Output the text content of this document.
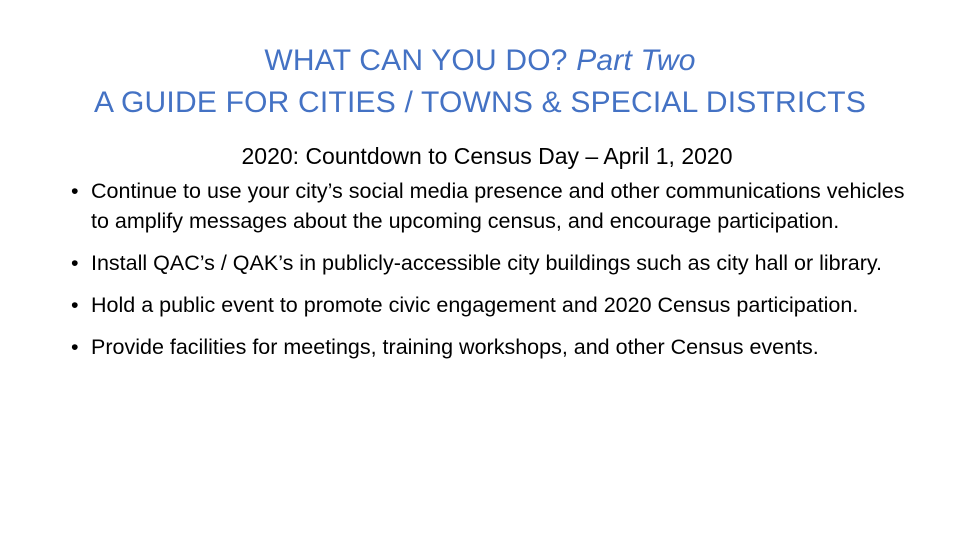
WHAT CAN YOU DO? Part Two
A GUIDE FOR CITIES / TOWNS & SPECIAL DISTRICTS
2020: Countdown to Census Day – April 1, 2020
• Continue to use your city’s social media presence and other communications vehicles to amplify messages about the upcoming census, and encourage participation.
• Install QAC’s / QAK’s in publicly-accessible city buildings such as city hall or library.
• Hold a public event to promote civic engagement and 2020 Census participation.
• Provide facilities for meetings, training workshops, and other Census events.
